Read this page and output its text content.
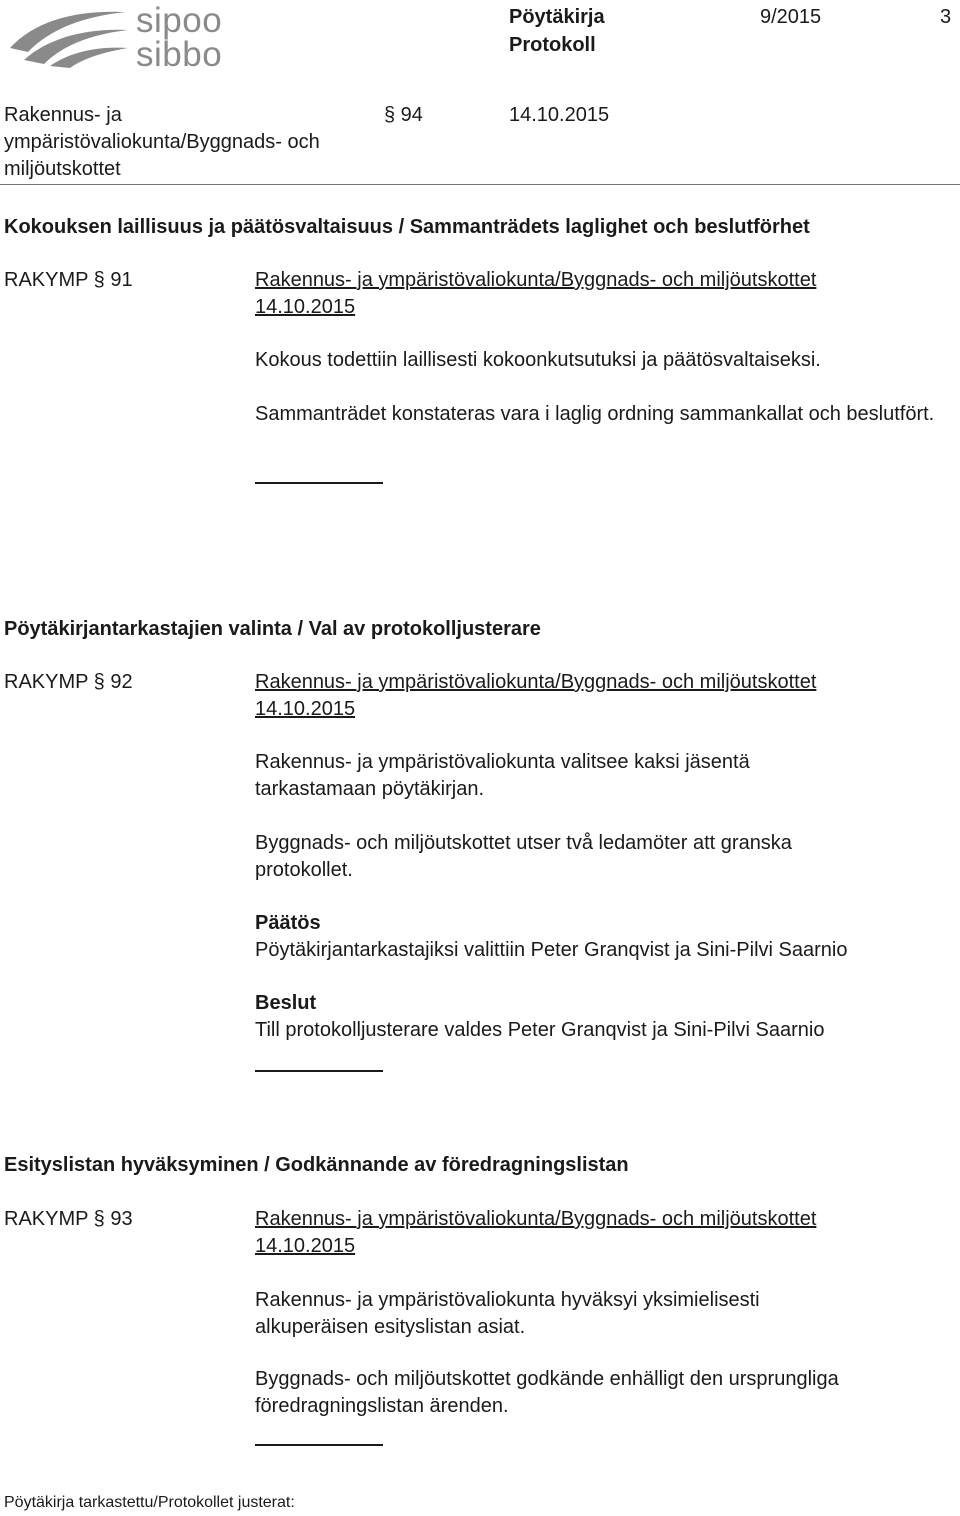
sipoo
sibbo
Pöytäkirja
Protokoll
9/2015	3
Rakennus- ja
ympäristövaliokunta/Byggnads- och
miljöutskottet
§ 94	14.10.2015
Kokouksen laillisuus ja päätösvaltaisuus / Sammanträdets laglighet och beslutförhet
RAKYMP § 91	Rakennus- ja ympäristövaliokunta/Byggnads- och miljöutskottet
14.10.2015
Kokous todettiin laillisesti kokoonkutsutuksi ja päätösvaltaiseksi.
Sammanträdet konstateras vara i laglig ordning sammankallat och beslutfört.
Pöytäkirjantarkastajien valinta / Val av protokolljusterare
RAKYMP § 92	Rakennus- ja ympäristövaliokunta/Byggnads- och miljöutskottet
14.10.2015
Rakennus- ja ympäristövaliokunta valitsee kaksi jäsentä tarkastamaan pöytäkirjan.
Byggnads- och miljöutskottet utser två ledamöter att granska protokollet.
Päätös
Pöytäkirjantarkastajiksi valittiin Peter Granqvist ja Sini-Pilvi Saarnio
Beslut
Till protokolljusterare valdes Peter Granqvist ja Sini-Pilvi Saarnio
Esityslistan hyväksyminen / Godkännande av föredragningslistan
RAKYMP § 93	Rakennus- ja ympäristövaliokunta/Byggnads- och miljöutskottet
14.10.2015
Rakennus- ja ympäristövaliokunta hyväksyi yksimielisesti alkuperäisen esityslistan asiat.
Byggnads- och miljöutskottet godkände enhälligt den ursprungliga föredragningslistan ärenden.
Pöytäkirja tarkastettu/Protokollet justerat:
